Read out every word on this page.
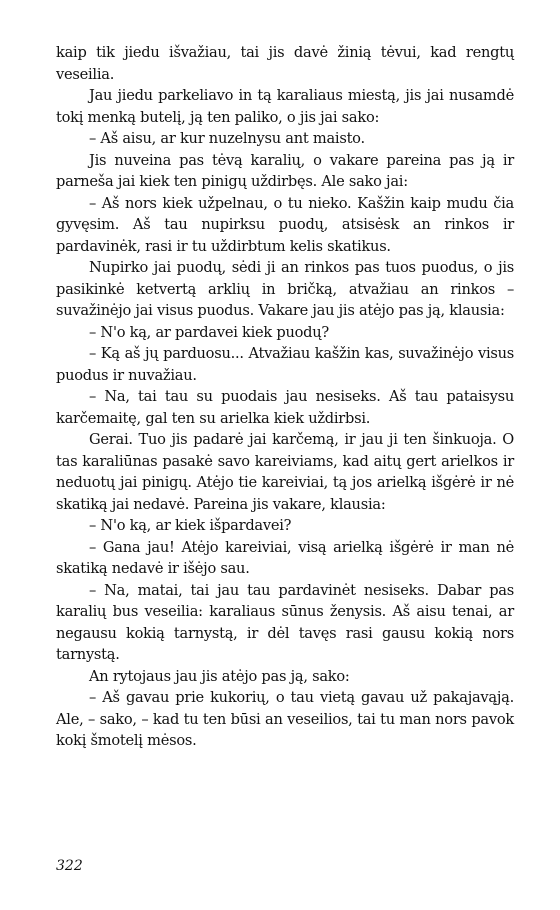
kaip tik jiedu išvažiau, tai jis davė žinią tėvui, kad rengtų veseilia.

Jau jiedu parkeliavo in tą karaliaus miestą, jis jai nusamdė tokį menką butelį, ją ten paliko, o jis jai sako:

– Aš aisu, ar kur nuzelnysu ant maisto.

Jis nuveina pas tėvą karalių, o vakare pareina pas ją ir parneša jai kiek ten pinigų uždirbęs. Ale sako jai:

– Aš nors kiek užpelnau, o tu nieko. Kašžin kaip mudu čia gyvęsim. Aš tau nupirksu puodų, atsisėsk an rinkos ir pardavinėk, rasi ir tu uždirbtum kelis skatikus.

Nupirko jai puodų, sėdi ji an rinkos pas tuos puodus, o jis pasikinkė ketvertą arklių in bričką, atvažiau an rinkos – suvažinėjo jai visus puodus. Vakare jau jis atėjo pas ją, klausia:

– N'o ką, ar pardavei kiek puodų?

– Ką aš jų parduosu... Atvažiau kašžin kas, suvažinėjo visus puodus ir nuvažiau.

– Na, tai tau su puodais jau nesiseks. Aš tau pataisysu karčemaitę, gal ten su arielka kiek uždirbsi.

Gerai. Tuo jis padarė jai karčemą, ir jau ji ten šinkuoja. O tas karaliūnas pasakė savo kareiviams, kad aitų gert arielkos ir neduotų jai pinigų. Atėjo tie kareiviai, tą jos arielką išgėrė ir nė skatiką jai nedavė. Pareina jis vakare, klausia:

– N'o ką, ar kiek išpardavei?

– Gana jau! Atėjo kareiviai, visą arielką išgėrė ir man nė skatiką nedavė ir išėjo sau.

– Na, matai, tai jau tau pardavinėt nesiseks. Dabar pas karalių bus veseilia: karaliaus sūnus ženysis. Aš aisu tenai, ar negausu kokią tarnystą, ir dėl tavęs rasi gausu kokią nors tarnystą.

An rytojaus jau jis atėjo pas ją, sako:

– Aš gavau prie kukorių, o tau vietą gavau už pakajavąją. Ale, – sako, – kad tu ten būsi an veseilios, tai tu man nors pavok kokį šmotelį mėsos.

322
